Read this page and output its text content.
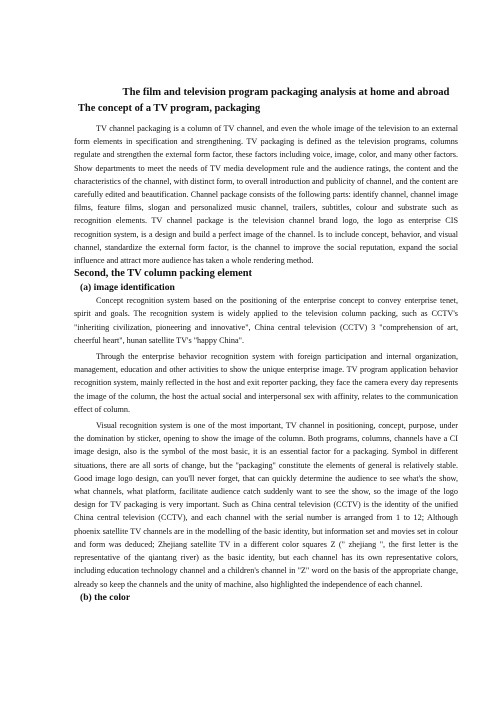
The film and television program packaging analysis at home and abroad
The concept of a TV program, packaging

TV channel packaging is a column of TV channel, and even the whole image of the television to an external form elements in specification and strengthening. TV packaging is defined as the television programs, columns regulate and strengthen the external form factor, these factors including voice, image, color, and many other factors. Show departments to meet the needs of TV media development rule and the audience ratings, the content and the characteristics of the channel, with distinct form, to overall introduction and publicity of channel, and the content are carefully edited and beautification. Channel package consists of the following parts: identify channel, channel image films, feature films, slogan and personalized music channel, trailers, subtitles, colour and substrate such as recognition elements. TV channel package is the television channel brand logo, the logo as enterprise CIS recognition system, is a design and build a perfect image of the channel. Is to include concept, behavior, and visual channel, standardize the external form factor, is the channel to improve the social reputation, expand the social influence and attract more audience has taken a whole rendering method.

Second, the TV column packing element
(a) image identification

Concept recognition system based on the positioning of the enterprise concept to convey enterprise tenet, spirit and goals. The recognition system is widely applied to the television column packing, such as CCTV's "inheriting civilization, pioneering and innovative", China central television (CCTV) 3 "comprehension of art, cheerful heart", hunan satellite TV's "happy China".

Through the enterprise behavior recognition system with foreign participation and internal organization, management, education and other activities to show the unique enterprise image. TV program application behavior recognition system, mainly reflected in the host and exit reporter packing, they face the camera every day represents the image of the column, the host the actual social and interpersonal sex with affinity, relates to the communication effect of column.

Visual recognition system is one of the most important, TV channel in positioning, concept, purpose, under the domination by sticker, opening to show the image of the column. Both programs, columns, channels have a CI image design, also is the symbol of the most basic, it is an essential factor for a packaging. Symbol in different situations, there are all sorts of change, but the "packaging" constitute the elements of general is relatively stable. Good image logo design, can you'll never forget, that can quickly determine the audience to see what's the show, what channels, what platform, facilitate audience catch suddenly want to see the show, so the image of the logo design for TV packaging is very important. Such as China central television (CCTV) is the identity of the unified China central television (CCTV), and each channel with the serial number is arranged from 1 to 12; Although phoenix satellite TV channels are in the modelling of the basic identity, but information set and movies set in colour and form was deduced; Zhejiang satellite TV in a different color squares Z (" zhejiang ", the first letter is the representative of the qiantang river) as the basic identity, but each channel has its own representative colors, including education technology channel and a children's channel in "Z" word on the basis of the appropriate change, already so keep the channels and the unity of machine, also highlighted the independence of each channel.

(b) the color
